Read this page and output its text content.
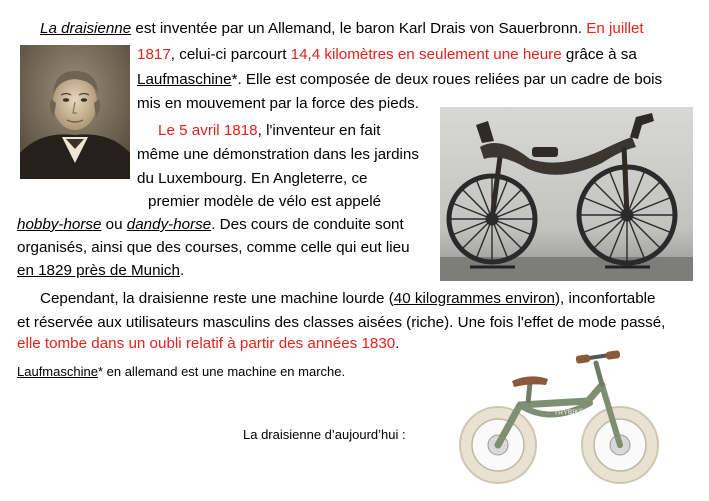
La draisienne est inventée par un Allemand, le baron Karl Drais von Sauerbronn. En juillet
1817, celui-ci parcourt 14,4 kilomètres en seulement une heure grâce à sa
Laufmaschine*. Elle est composée de deux roues reliées par un cadre de bois
mis en mouvement par la force des pieds.
Le 5 avril 1818, l'inventeur en fait
même une démonstration dans les jardins
du Luxembourg. En Angleterre, ce
premier modèle de vélo est appelé
hobby-horse ou dandy-horse. Des cours de conduite sont
organisés, ainsi que des courses, comme celle qui eut lieu
en 1829 près de Munich.
Cependant, la draisienne reste une machine lourde (40 kilogrammes environ), inconfortable
et réservée aux utilisateurs masculins des classes aisées (riche). Une fois l'effet de mode passé,
elle tombe dans un oubli relatif à partir des années 1830.
Laufmaschine* en allemand est une machine en marche.
La draisienne d’aujourd’hui :
TRYBIKE
